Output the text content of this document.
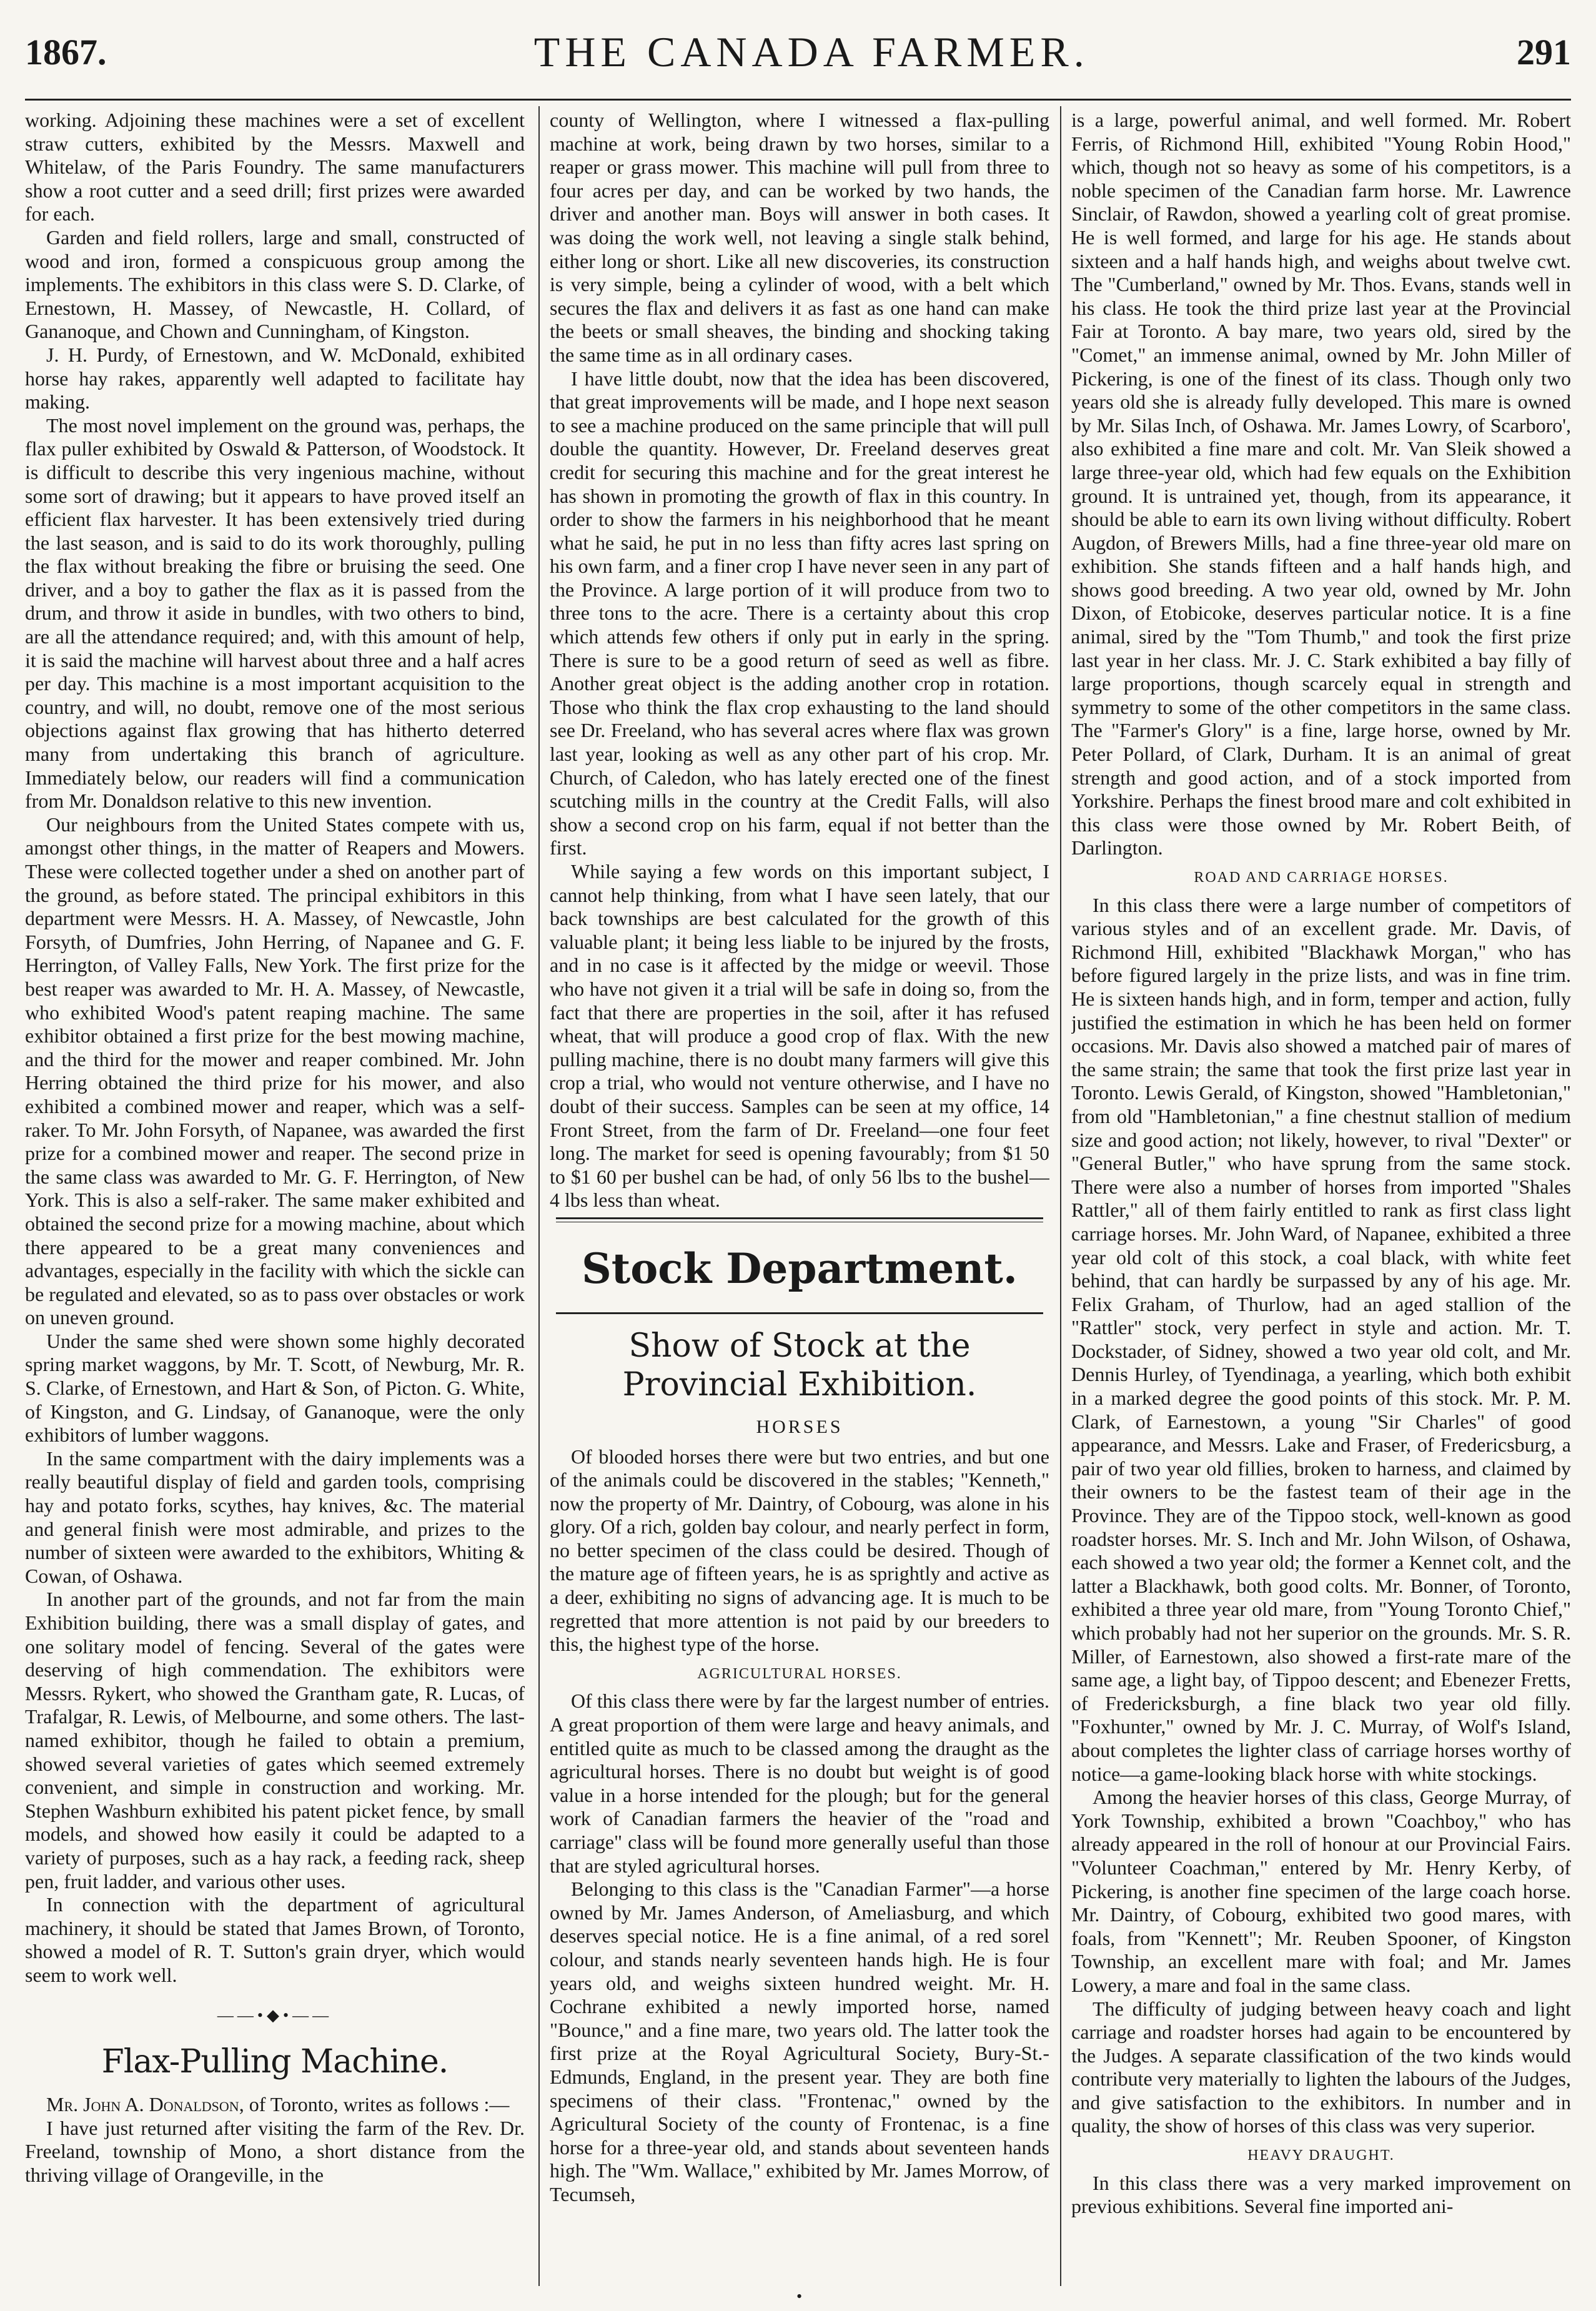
1867.	THE CANADA FARMER.	291

working. Adjoining these machines were a set of excellent straw cutters, exhibited by the Messrs. Maxwell and Whitelaw, of the Paris Foundry. The same manufacturers show a root cutter and a seed drill; first prizes were awarded for each.

Garden and field rollers, large and small, constructed of wood and iron, formed a conspicuous group among the implements. The exhibitors in this class were S. D. Clarke, of Ernestown, H. Massey, of Newcastle, H. Collard, of Gananoque, and Chown and Cunningham, of Kingston.

J. H. Purdy, of Ernestown, and W. McDonald, exhibited horse hay rakes, apparently well adapted to facilitate hay making.

The most novel implement on the ground was, perhaps, the flax puller exhibited by Oswald & Patterson, of Woodstock. It is difficult to describe this very ingenious machine, without some sort of drawing; but it appears to have proved itself an efficient flax harvester. It has been extensively tried during the last season, and is said to do its work thoroughly, pulling the flax without breaking the fibre or bruising the seed. One driver, and a boy to gather the flax as it is passed from the drum, and throw it aside in bundles, with two others to bind, are all the attendance required; and, with this amount of help, it is said the machine will harvest about three and a half acres per day. This machine is a most important acquisition to the country, and will, no doubt, remove one of the most serious objections against flax growing that has hitherto deterred many from undertaking this branch of agriculture. Immediately below, our readers will find a communication from Mr. Donaldson relative to this new invention.

Our neighbours from the United States compete with us, amongst other things, in the matter of Reapers and Mowers. These were collected together under a shed on another part of the ground, as before stated. The principal exhibitors in this department were Messrs. H. A. Massey, of Newcastle, John Forsyth, of Dumfries, John Herring, of Napanee and G. F. Herrington, of Valley Falls, New York. The first prize for the best reaper was awarded to Mr. H. A. Massey, of Newcastle, who exhibited Wood's patent reaping machine. The same exhibitor obtained a first prize for the best mowing machine, and the third for the mower and reaper combined. Mr. John Herring obtained the third prize for his mower, and also exhibited a combined mower and reaper, which was a self-raker. To Mr. John Forsyth, of Napanee, was awarded the first prize for a combined mower and reaper. The second prize in the same class was awarded to Mr. G. F. Herrington, of New York. This is also a self-raker. The same maker exhibited and obtained the second prize for a mowing machine, about which there appeared to be a great many conveniences and advantages, especially in the facility with which the sickle can be regulated and elevated, so as to pass over obstacles or work on uneven ground.

Under the same shed were shown some highly decorated spring market waggons, by Mr. T. Scott, of Newburg, Mr. R. S. Clarke, of Ernestown, and Hart & Son, of Picton. G. White, of Kingston, and G. Lindsay, of Gananoque, were the only exhibitors of lumber waggons.

In the same compartment with the dairy implements was a really beautiful display of field and garden tools, comprising hay and potato forks, scythes, hay knives, &c. The material and general finish were most admirable, and prizes to the number of sixteen were awarded to the exhibitors, Whiting & Cowan, of Oshawa.

In another part of the grounds, and not far from the main Exhibition building, there was a small display of gates, and one solitary model of fencing. Several of the gates were deserving of high commendation. The exhibitors were Messrs. Rykert, who showed the Grantham gate, R. Lucas, of Trafalgar, R. Lewis, of Melbourne, and some others. The last-named exhibitor, though he failed to obtain a premium, showed several varieties of gates which seemed extremely convenient, and simple in construction and working. Mr. Stephen Washburn exhibited his patent picket fence, by small models, and showed how easily it could be adapted to a variety of purposes, such as a hay rack, a feeding rack, sheep pen, fruit ladder, and various other uses.

In connection with the department of agricultural machinery, it should be stated that James Brown, of Toronto, showed a model of R. T. Sutton's grain dryer, which would seem to work well.

——•◆•——
Flax-Pulling Machine.

Mr. John A. Donaldson, of Toronto, writes as follows :—

I have just returned after visiting the farm of the Rev. Dr. Freeland, township of Mono, a short distance from the thriving village of Orangeville, in the

county of Wellington, where I witnessed a flax-pulling machine at work, being drawn by two horses, similar to a reaper or grass mower. This machine will pull from three to four acres per day, and can be worked by two hands, the driver and another man. Boys will answer in both cases. It was doing the work well, not leaving a single stalk behind, either long or short. Like all new discoveries, its construction is very simple, being a cylinder of wood, with a belt which secures the flax and delivers it as fast as one hand can make the beets or small sheaves, the binding and shocking taking the same time as in all ordinary cases.

I have little doubt, now that the idea has been discovered, that great improvements will be made, and I hope next season to see a machine produced on the same principle that will pull double the quantity. However, Dr. Freeland deserves great credit for securing this machine and for the great interest he has shown in promoting the growth of flax in this country. In order to show the farmers in his neighborhood that he meant what he said, he put in no less than fifty acres last spring on his own farm, and a finer crop I have never seen in any part of the Province. A large portion of it will produce from two to three tons to the acre. There is a certainty about this crop which attends few others if only put in early in the spring. There is sure to be a good return of seed as well as fibre. Another great object is the adding another crop in rotation. Those who think the flax crop exhausting to the land should see Dr. Freeland, who has several acres where flax was grown last year, looking as well as any other part of his crop. Mr. Church, of Caledon, who has lately erected one of the finest scutching mills in the country at the Credit Falls, will also show a second crop on his farm, equal if not better than the first.

While saying a few words on this important subject, I cannot help thinking, from what I have seen lately, that our back townships are best calculated for the growth of this valuable plant; it being less liable to be injured by the frosts, and in no case is it affected by the midge or weevil. Those who have not given it a trial will be safe in doing so, from the fact that there are properties in the soil, after it has refused wheat, that will produce a good crop of flax. With the new pulling machine, there is no doubt many farmers will give this crop a trial, who would not venture otherwise, and I have no doubt of their success. Samples can be seen at my office, 14 Front Street, from the farm of Dr. Freeland—one four feet long. The market for seed is opening favourably; from $1 50 to $1 60 per bushel can be had, of only 56 lbs to the bushel—4 lbs less than wheat.

Stock Department.
Show of Stock at the Provincial Exhibition.
HORSES

Of blooded horses there were but two entries, and but one of the animals could be discovered in the stables; "Kenneth," now the property of Mr. Daintry, of Cobourg, was alone in his glory. Of a rich, golden bay colour, and nearly perfect in form, no better specimen of the class could be desired. Though of the mature age of fifteen years, he is as sprightly and active as a deer, exhibiting no signs of advancing age. It is much to be regretted that more attention is not paid by our breeders to this, the highest type of the horse.

AGRICULTURAL HORSES.

Of this class there were by far the largest number of entries. A great proportion of them were large and heavy animals, and entitled quite as much to be classed among the draught as the agricultural horses. There is no doubt but weight is of good value in a horse intended for the plough; but for the general work of Canadian farmers the heavier of the "road and carriage" class will be found more generally useful than those that are styled agricultural horses.

Belonging to this class is the "Canadian Farmer"—a horse owned by Mr. James Anderson, of Ameliasburg, and which deserves special notice. He is a fine animal, of a red sorel colour, and stands nearly seventeen hands high. He is four years old, and weighs sixteen hundred weight. Mr. H. Cochrane exhibited a newly imported horse, named "Bounce," and a fine mare, two years old. The latter took the first prize at the Royal Agricultural Society, Bury-St.-Edmunds, England, in the present year. They are both fine specimens of their class. "Frontenac," owned by the Agricultural Society of the county of Frontenac, is a fine horse for a three-year old, and stands about seventeen hands high. The "Wm. Wallace," exhibited by Mr. James Morrow, of Tecumseh,

is a large, powerful animal, and well formed. Mr. Robert Ferris, of Richmond Hill, exhibited "Young Robin Hood," which, though not so heavy as some of his competitors, is a noble specimen of the Canadian farm horse. Mr. Lawrence Sinclair, of Rawdon, showed a yearling colt of great promise. He is well formed, and large for his age. He stands about sixteen and a half hands high, and weighs about twelve cwt. The "Cumberland," owned by Mr. Thos. Evans, stands well in his class. He took the third prize last year at the Provincial Fair at Toronto. A bay mare, two years old, sired by the "Comet," an immense animal, owned by Mr. John Miller of Pickering, is one of the finest of its class. Though only two years old she is already fully developed. This mare is owned by Mr. Silas Inch, of Oshawa. Mr. James Lowry, of Scarboro', also exhibited a fine mare and colt. Mr. Van Sleik showed a large three-year old, which had few equals on the Exhibition ground. It is untrained yet, though, from its appearance, it should be able to earn its own living without difficulty. Robert Augdon, of Brewers Mills, had a fine three-year old mare on exhibition. She stands fifteen and a half hands high, and shows good breeding. A two year old, owned by Mr. John Dixon, of Etobicoke, deserves particular notice. It is a fine animal, sired by the "Tom Thumb," and took the first prize last year in her class. Mr. J. C. Stark exhibited a bay filly of large proportions, though scarcely equal in strength and symmetry to some of the other competitors in the same class. The "Farmer's Glory" is a fine, large horse, owned by Mr. Peter Pollard, of Clark, Durham. It is an animal of great strength and good action, and of a stock imported from Yorkshire. Perhaps the finest brood mare and colt exhibited in this class were those owned by Mr. Robert Beith, of Darlington.

ROAD AND CARRIAGE HORSES.

In this class there were a large number of competitors of various styles and of an excellent grade. Mr. Davis, of Richmond Hill, exhibited "Blackhawk Morgan," who has before figured largely in the prize lists, and was in fine trim. He is sixteen hands high, and in form, temper and action, fully justified the estimation in which he has been held on former occasions. Mr. Davis also showed a matched pair of mares of the same strain; the same that took the first prize last year in Toronto. Lewis Gerald, of Kingston, showed "Hambletonian," from old "Hambletonian," a fine chestnut stallion of medium size and good action; not likely, however, to rival "Dexter" or "General Butler," who have sprung from the same stock. There were also a number of horses from imported "Shales Rattler," all of them fairly entitled to rank as first class light carriage horses. Mr. John Ward, of Napanee, exhibited a three year old colt of this stock, a coal black, with white feet behind, that can hardly be surpassed by any of his age. Mr. Felix Graham, of Thurlow, had an aged stallion of the "Rattler" stock, very perfect in style and action. Mr. T. Dockstader, of Sidney, showed a two year old colt, and Mr. Dennis Hurley, of Tyendinaga, a yearling, which both exhibit in a marked degree the good points of this stock. Mr. P. M. Clark, of Earnestown, a young "Sir Charles" of good appearance, and Messrs. Lake and Fraser, of Fredericsburg, a pair of two year old fillies, broken to harness, and claimed by their owners to be the fastest team of their age in the Province. They are of the Tippoo stock, well-known as good roadster horses. Mr. S. Inch and Mr. John Wilson, of Oshawa, each showed a two year old; the former a Kennet colt, and the latter a Blackhawk, both good colts. Mr. Bonner, of Toronto, exhibited a three year old mare, from "Young Toronto Chief," which probably had not her superior on the grounds. Mr. S. R. Miller, of Earnestown, also showed a first-rate mare of the same age, a light bay, of Tippoo descent; and Ebenezer Fretts, of Fredericksburgh, a fine black two year old filly. "Foxhunter," owned by Mr. J. C. Murray, of Wolf's Island, about completes the lighter class of carriage horses worthy of notice—a game-looking black horse with white stockings.

Among the heavier horses of this class, George Murray, of York Township, exhibited a brown "Coachboy," who has already appeared in the roll of honour at our Provincial Fairs. "Volunteer Coachman," entered by Mr. Henry Kerby, of Pickering, is another fine specimen of the large coach horse. Mr. Daintry, of Cobourg, exhibited two good mares, with foals, from "Kennett"; Mr. Reuben Spooner, of Kingston Township, an excellent mare with foal; and Mr. James Lowery, a mare and foal in the same class.

The difficulty of judging between heavy coach and light carriage and roadster horses had again to be encountered by the Judges. A separate classification of the two kinds would contribute very materially to lighten the labours of the Judges, and give satisfaction to the exhibitors. In number and in quality, the show of horses of this class was very superior.

HEAVY DRAUGHT.

In this class there was a very marked improvement on previous exhibitions. Several fine imported ani-

•
